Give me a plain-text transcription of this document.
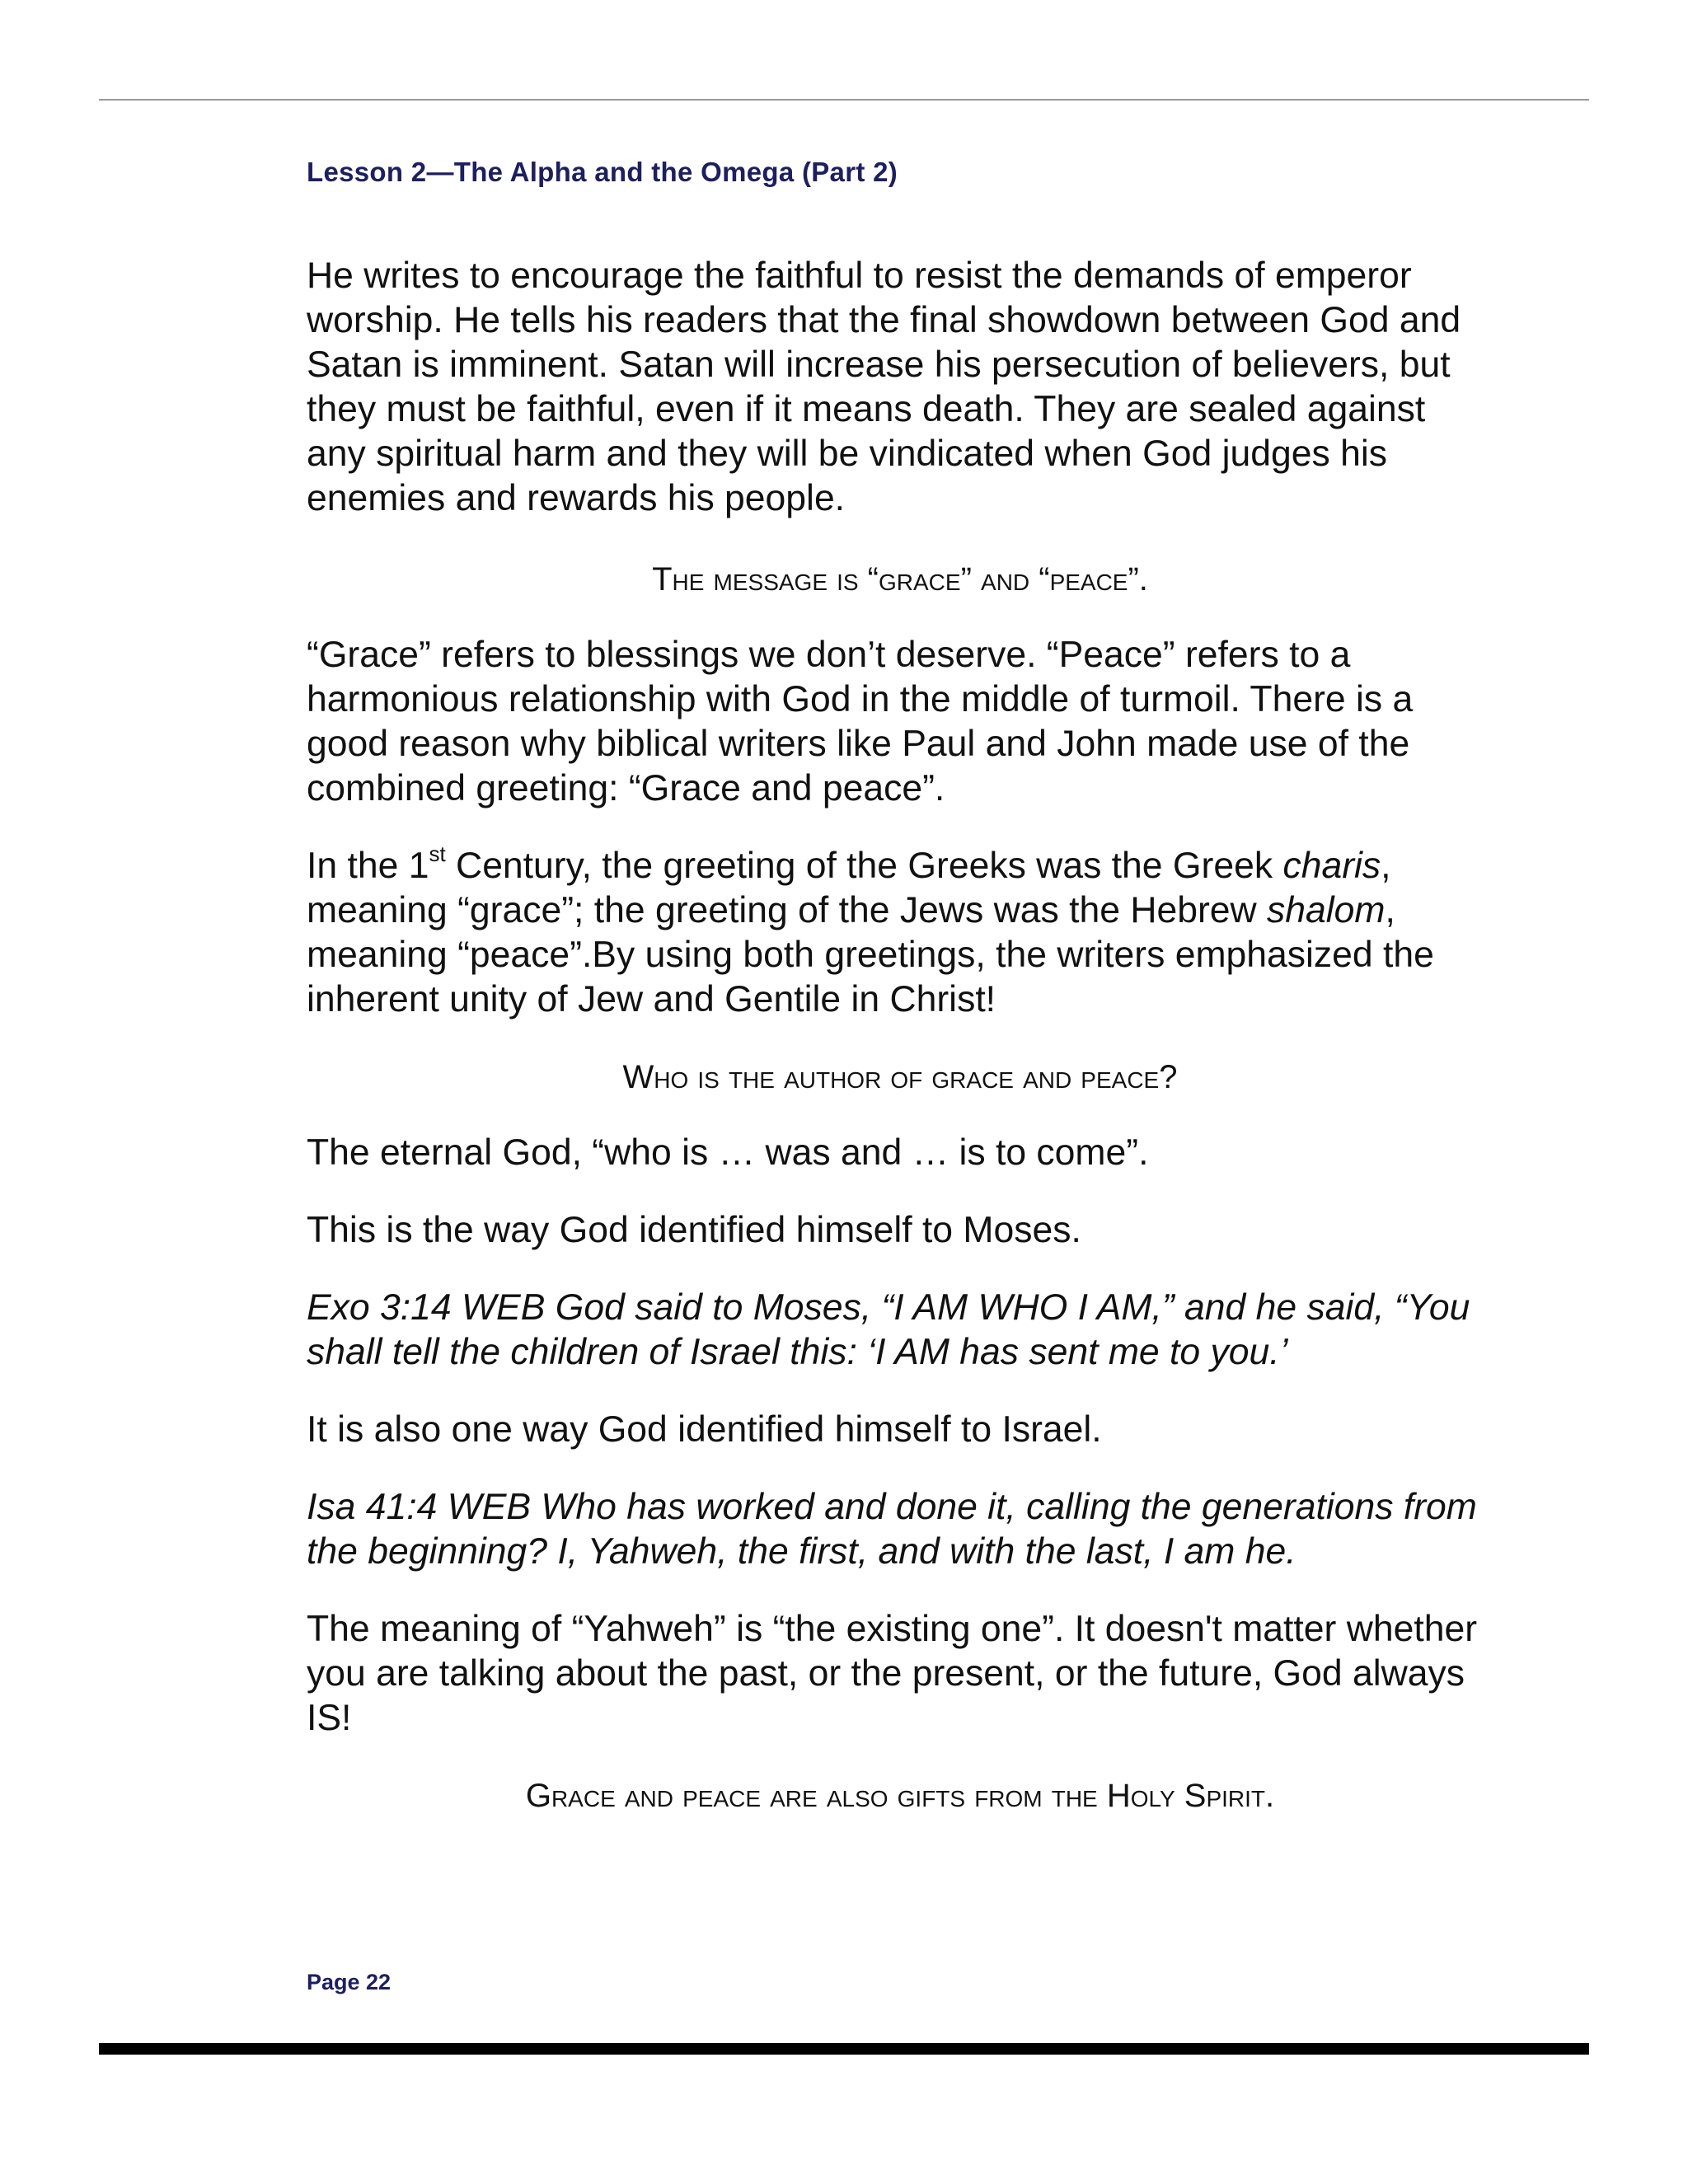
Lesson 2—The Alpha and the Omega (Part 2)

He writes to encourage the faithful to resist the demands of emperor worship. He tells his readers that the final showdown between God and Satan is imminent. Satan will increase his persecution of believers, but they must be faithful, even if it means death. They are sealed against any spiritual harm and they will be vindicated when God judges his enemies and rewards his people.

The message is “grace” and “peace”.

“Grace” refers to blessings we don’t deserve. “Peace” refers to a harmonious relationship with God in the middle of turmoil. There is a good reason why biblical writers like Paul and John made use of the combined greeting: “Grace and peace”.

In the 1st Century, the greeting of the Greeks was the Greek charis, meaning “grace”; the greeting of the Jews was the Hebrew shalom, meaning “peace”.By using both greetings, the writers emphasized the inherent unity of Jew and Gentile in Christ!

Who is the author of grace and peace?

The eternal God, “who is … was and … is to come”.

This is the way God identified himself to Moses.

Exo 3:14 WEB God said to Moses, “I AM WHO I AM,” and he said, “You shall tell the children of Israel this: ‘I AM has sent me to you.’

It is also one way God identified himself to Israel.

Isa 41:4 WEB Who has worked and done it, calling the generations from the beginning? I, Yahweh, the first, and with the last, I am he.

The meaning of “Yahweh” is “the existing one”. It doesn't matter whether you are talking about the past, or the present, or the future, God always IS!

Grace and peace are also gifts from the Holy Spirit.
Page 22
